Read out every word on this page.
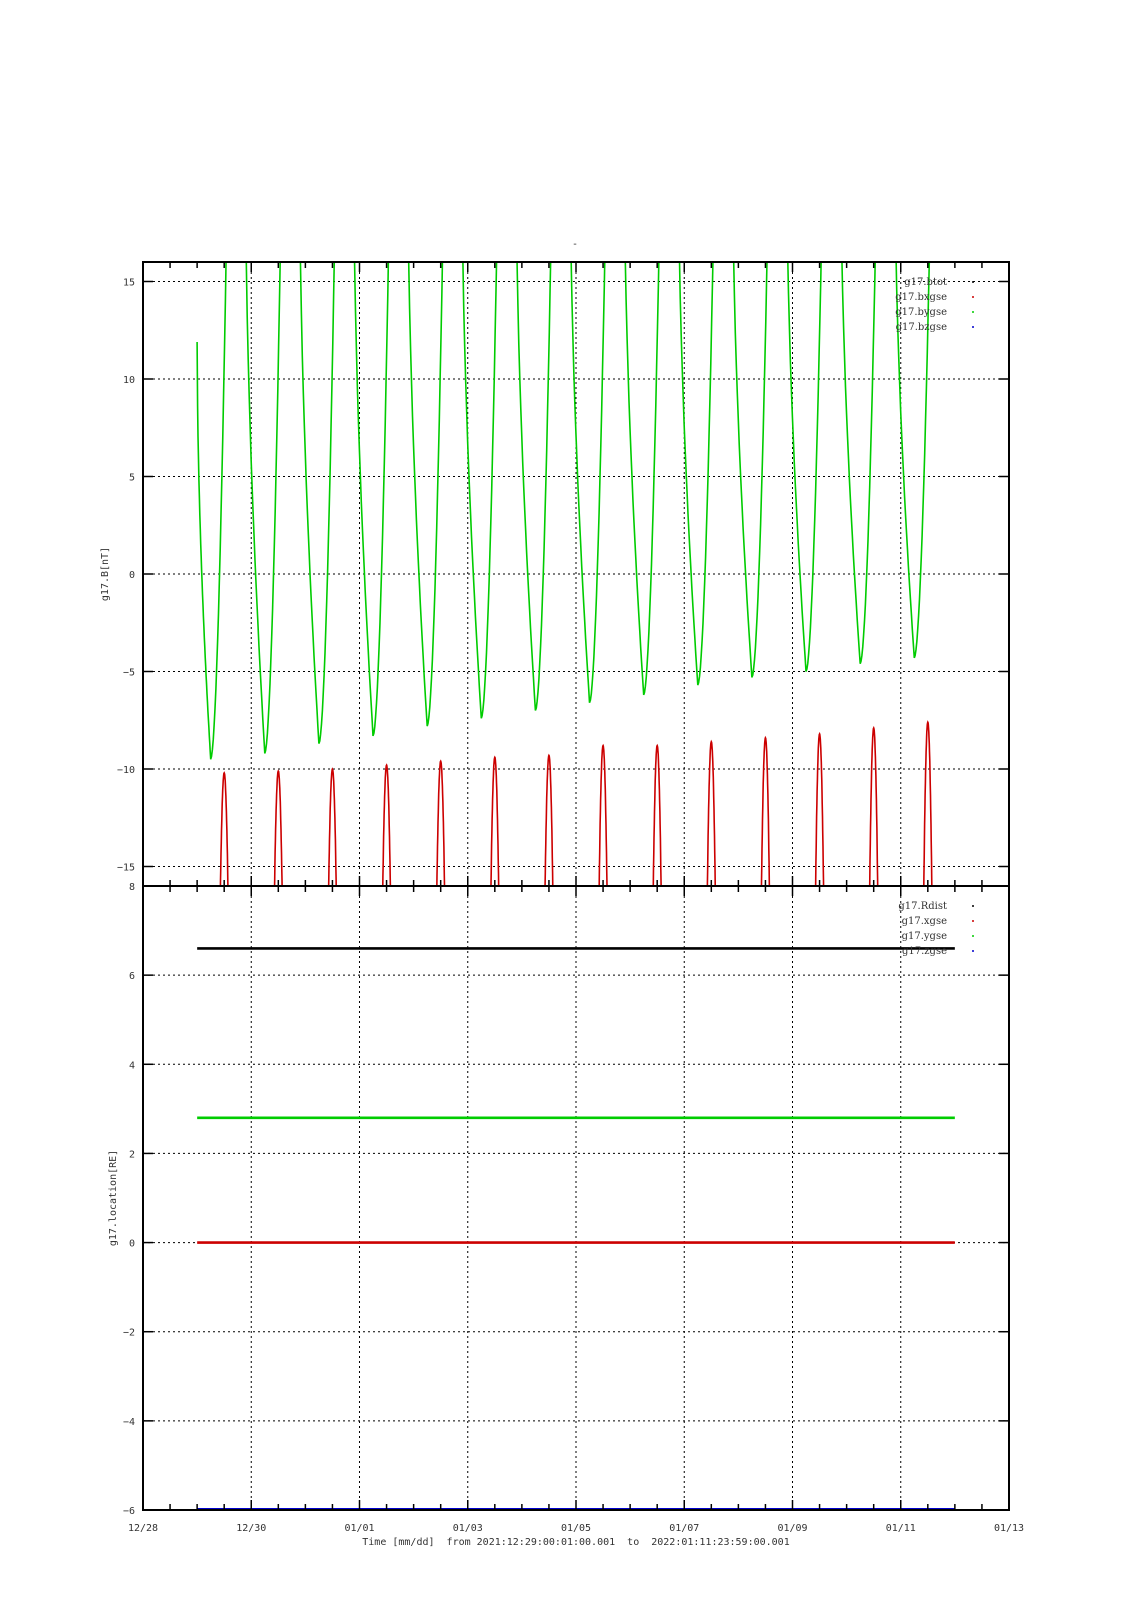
-
−15
−10
−5
0
5
10
15
g17.B[nT]
g17.btot
g17.bxgse
g17.bygse
g17.bzgse
−6
−4
−2
0
2
4
6
8
g17.location[RE]
g17.Rdist
g17.xgse
g17.ygse
g17.zgse
12/28	12/30	01/01	01/03	01/05	01/07	01/09	01/11	01/13
Time [mm/dd]  from 2021:12:29:00:01:00.001  to  2022:01:11:23:59:00.001
